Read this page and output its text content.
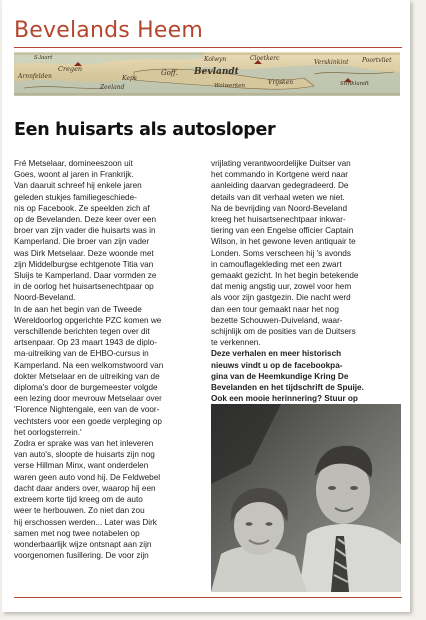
Bevelands Heem
Kolwyn
Cregen	Goff. Bevlandt
Cloetkerc
Keps
Verskinkint
Arnnfelden
Zeeland
Vrijsken
Poortvliet
Stinklandt
Wolwerken
S.laart
Een huisarts als autosloper

Fré Metselaar, domineeszoon uit

Goes, woont al jaren in Frankrijk.

Van daaruit schreef hij enkele jaren

geleden stukjes familiegeschiede-

nis op Facebook. Ze speelden zich af

op de Bevelanden. Deze keer over een

broer van zijn vader die huisarts was in

Kamperland. Die broer van zijn vader

was Dirk Metselaar. Deze woonde met

zijn Middelburgse echtgenote Titia van

Sluijs te Kamperland. Daar vormden ze

in de oorlog het huisartsenechtpaar op

Noord-Beveland.

In de aan het begin van de Tweede

Wereldoorlog opgerichte PZC komen we

verschillende berichten tegen over dit

artsenpaar. Op 23 maart 1943 de diplo-

ma-uitreiking van de EHBO-cursus in

Kamperland. Na een welkomstwoord van

dokter Metselaar en de uitreiking van de

diploma's door de burgemeester volgde

een lezing door mevrouw Metselaar over

'Florence Nightengale, een van de voor-

vechtsters voor een goede verpleging op

het oorlogsterrein.'

Zodra er sprake was van het inleveren

van auto's, sloopte de huisarts zijn nog

verse Hillman Minx, want onderdelen

waren geen auto vond hij. De Feldwebel

dacht daar anders over, waarop hij een

extreem korte tijd kreeg om de auto

weer te herbouwen. Zo niet dan zou

hij erschossen werden... Later was Dirk

samen met nog twee notabelen op

wonderbaarlijk wijze ontsnapt aan zijn

voorgenomen fusillering. De voor zijn

vrijlating verantwoordelijke Duitser van

het commando in Kortgene werd naar

aanleiding daarvan gedegradeerd. De

details van dit verhaal weten we niet.

Na de bevrijding van Noord-Beveland

kreeg het huisartsenechtpaar inkwar-

tiering van een Engelse officier Captain

Wilson, in het gewone leven antiquair te

Londen. Soms verscheen hij 's avonds

in camouflagekleding met een zwart

gemaakt gezicht. In het begin betekende

dat menig angstig uur, zowel voor hem

als voor zijn gastgezin. Die nacht werd

dan een tour gemaakt naar het nog

bezette Schouwen-Duiveland, waar-

schijnlijk om de posities van de Duitsers

te verkennen.

Deze verhalen en meer historisch

nieuws vindt u op de facebookpa-

gina van de Heemkundige Kring De

Bevelanden en het tijdschrift de Spuije.

Ook een mooie herinnering? Stuur op
